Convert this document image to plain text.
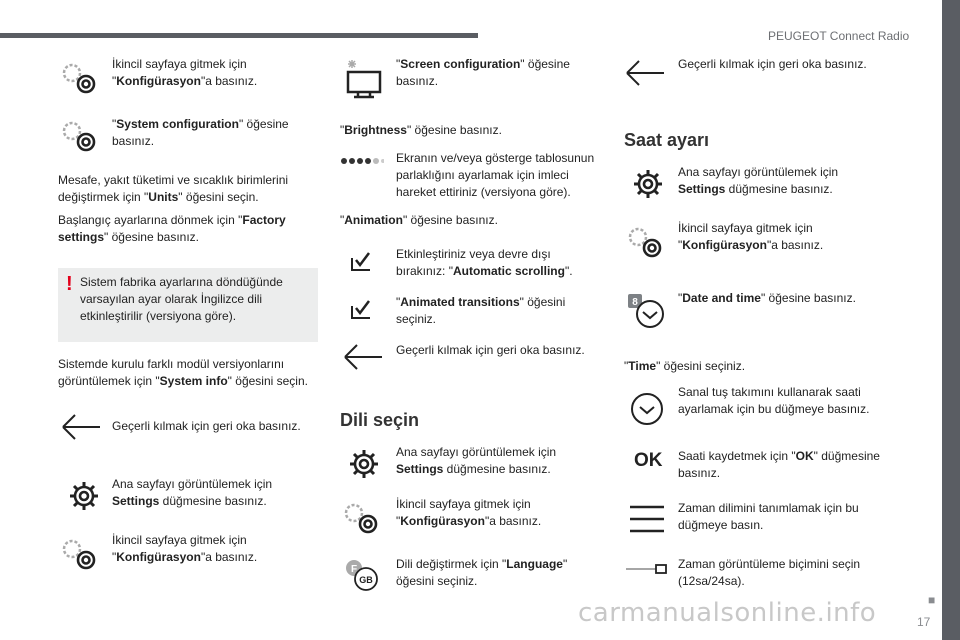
PEUGEOT Connect Radio
17
■
carmanualsonline.info
İkincil sayfaya gitmek için "Konfigürasyon"a basınız.
"System configuration" öğesine basınız.
Mesafe, yakıt tüketimi ve sıcaklık birimlerini değiştirmek için "Units" öğesini seçin.
Başlangıç ayarlarına dönmek için "Factory settings" öğesine basınız.
! Sistem fabrika ayarlarına döndüğünde varsayılan ayar olarak İngilizce dili etkinleştirilir (versiyona göre).
Sistemde kurulu farklı modül versiyonlarını görüntülemek için "System info" öğesini seçin.
Geçerli kılmak için geri oka basınız.
Ana sayfayı görüntülemek için Settings düğmesine basınız.
İkincil sayfaya gitmek için "Konfigürasyon"a basınız.
"Screen configuration" öğesine basınız.
"Brightness" öğesine basınız.
Ekranın ve/veya gösterge tablosunun parlaklığını ayarlamak için imleci hareket ettiriniz (versiyona göre).
"Animation" öğesine basınız.
Etkinleştiriniz veya devre dışı bırakınız: "Automatic scrolling".
"Animated transitions" öğesini seçiniz.
Geçerli kılmak için geri oka basınız.
Dili seçin
Ana sayfayı görüntülemek için Settings düğmesine basınız.
İkincil sayfaya gitmek için "Konfigürasyon"a basınız.
F
GB
Dili değiştirmek için "Language" öğesini seçiniz.
Geçerli kılmak için geri oka basınız.
Saat ayarı
Ana sayfayı görüntülemek için Settings düğmesine basınız.
İkincil sayfaya gitmek için "Konfigürasyon"a basınız.
8	"Date and time" öğesine basınız.
"Time" öğesini seçiniz.
Sanal tuş takımını kullanarak saati ayarlamak için bu düğmeye basınız.
OK Saati kaydetmek için "OK" düğmesine basınız.
Zaman dilimini tanımlamak için bu düğmeye basın.
Zaman görüntüleme biçimini seçin (12sa/24sa).
